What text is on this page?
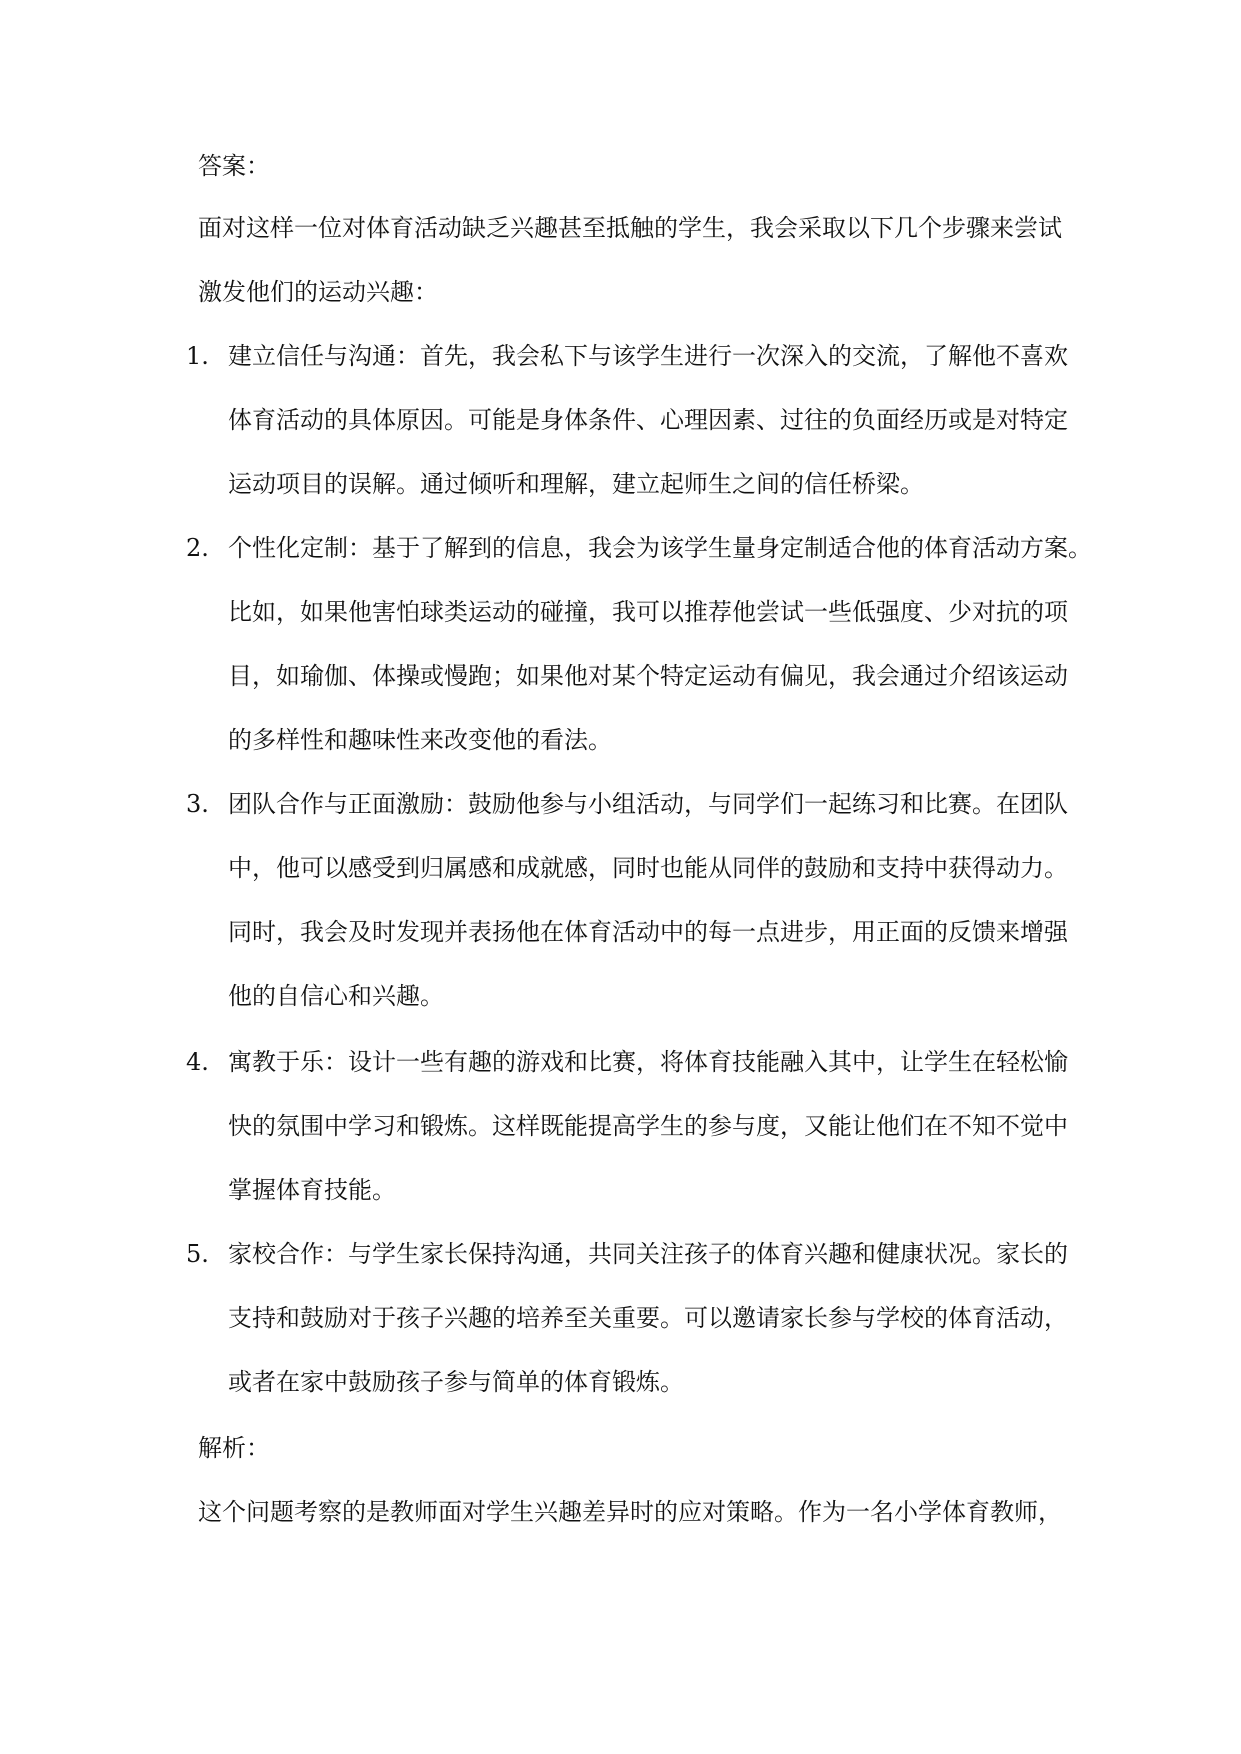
答案：
面对这样一位对体育活动缺乏兴趣甚至抵触的学生，我会采取以下几个步骤来尝试
激发他们的运动兴趣：
1. 建立信任与沟通：首先，我会私下与该学生进行一次深入的交流，了解他不喜欢
体育活动的具体原因。可能是身体条件、心理因素、过往的负面经历或是对特定
运动项目的误解。通过倾听和理解，建立起师生之间的信任桥梁。
2. 个性化定制：基于了解到的信息，我会为该学生量身定制适合他的体育活动方案。
比如，如果他害怕球类运动的碰撞，我可以推荐他尝试一些低强度、少对抗的项
目，如瑜伽、体操或慢跑；如果他对某个特定运动有偏见，我会通过介绍该运动
的多样性和趣味性来改变他的看法。
3. 团队合作与正面激励：鼓励他参与小组活动，与同学们一起练习和比赛。在团队
中，他可以感受到归属感和成就感，同时也能从同伴的鼓励和支持中获得动力。
同时，我会及时发现并表扬他在体育活动中的每一点进步，用正面的反馈来增强
他的自信心和兴趣。
4. 寓教于乐：设计一些有趣的游戏和比赛，将体育技能融入其中，让学生在轻松愉
快的氛围中学习和锻炼。这样既能提高学生的参与度，又能让他们在不知不觉中
掌握体育技能。
5. 家校合作：与学生家长保持沟通，共同关注孩子的体育兴趣和健康状况。家长的
支持和鼓励对于孩子兴趣的培养至关重要。可以邀请家长参与学校的体育活动，
或者在家中鼓励孩子参与简单的体育锻炼。
解析：
这个问题考察的是教师面对学生兴趣差异时的应对策略。作为一名小学体育教师，
